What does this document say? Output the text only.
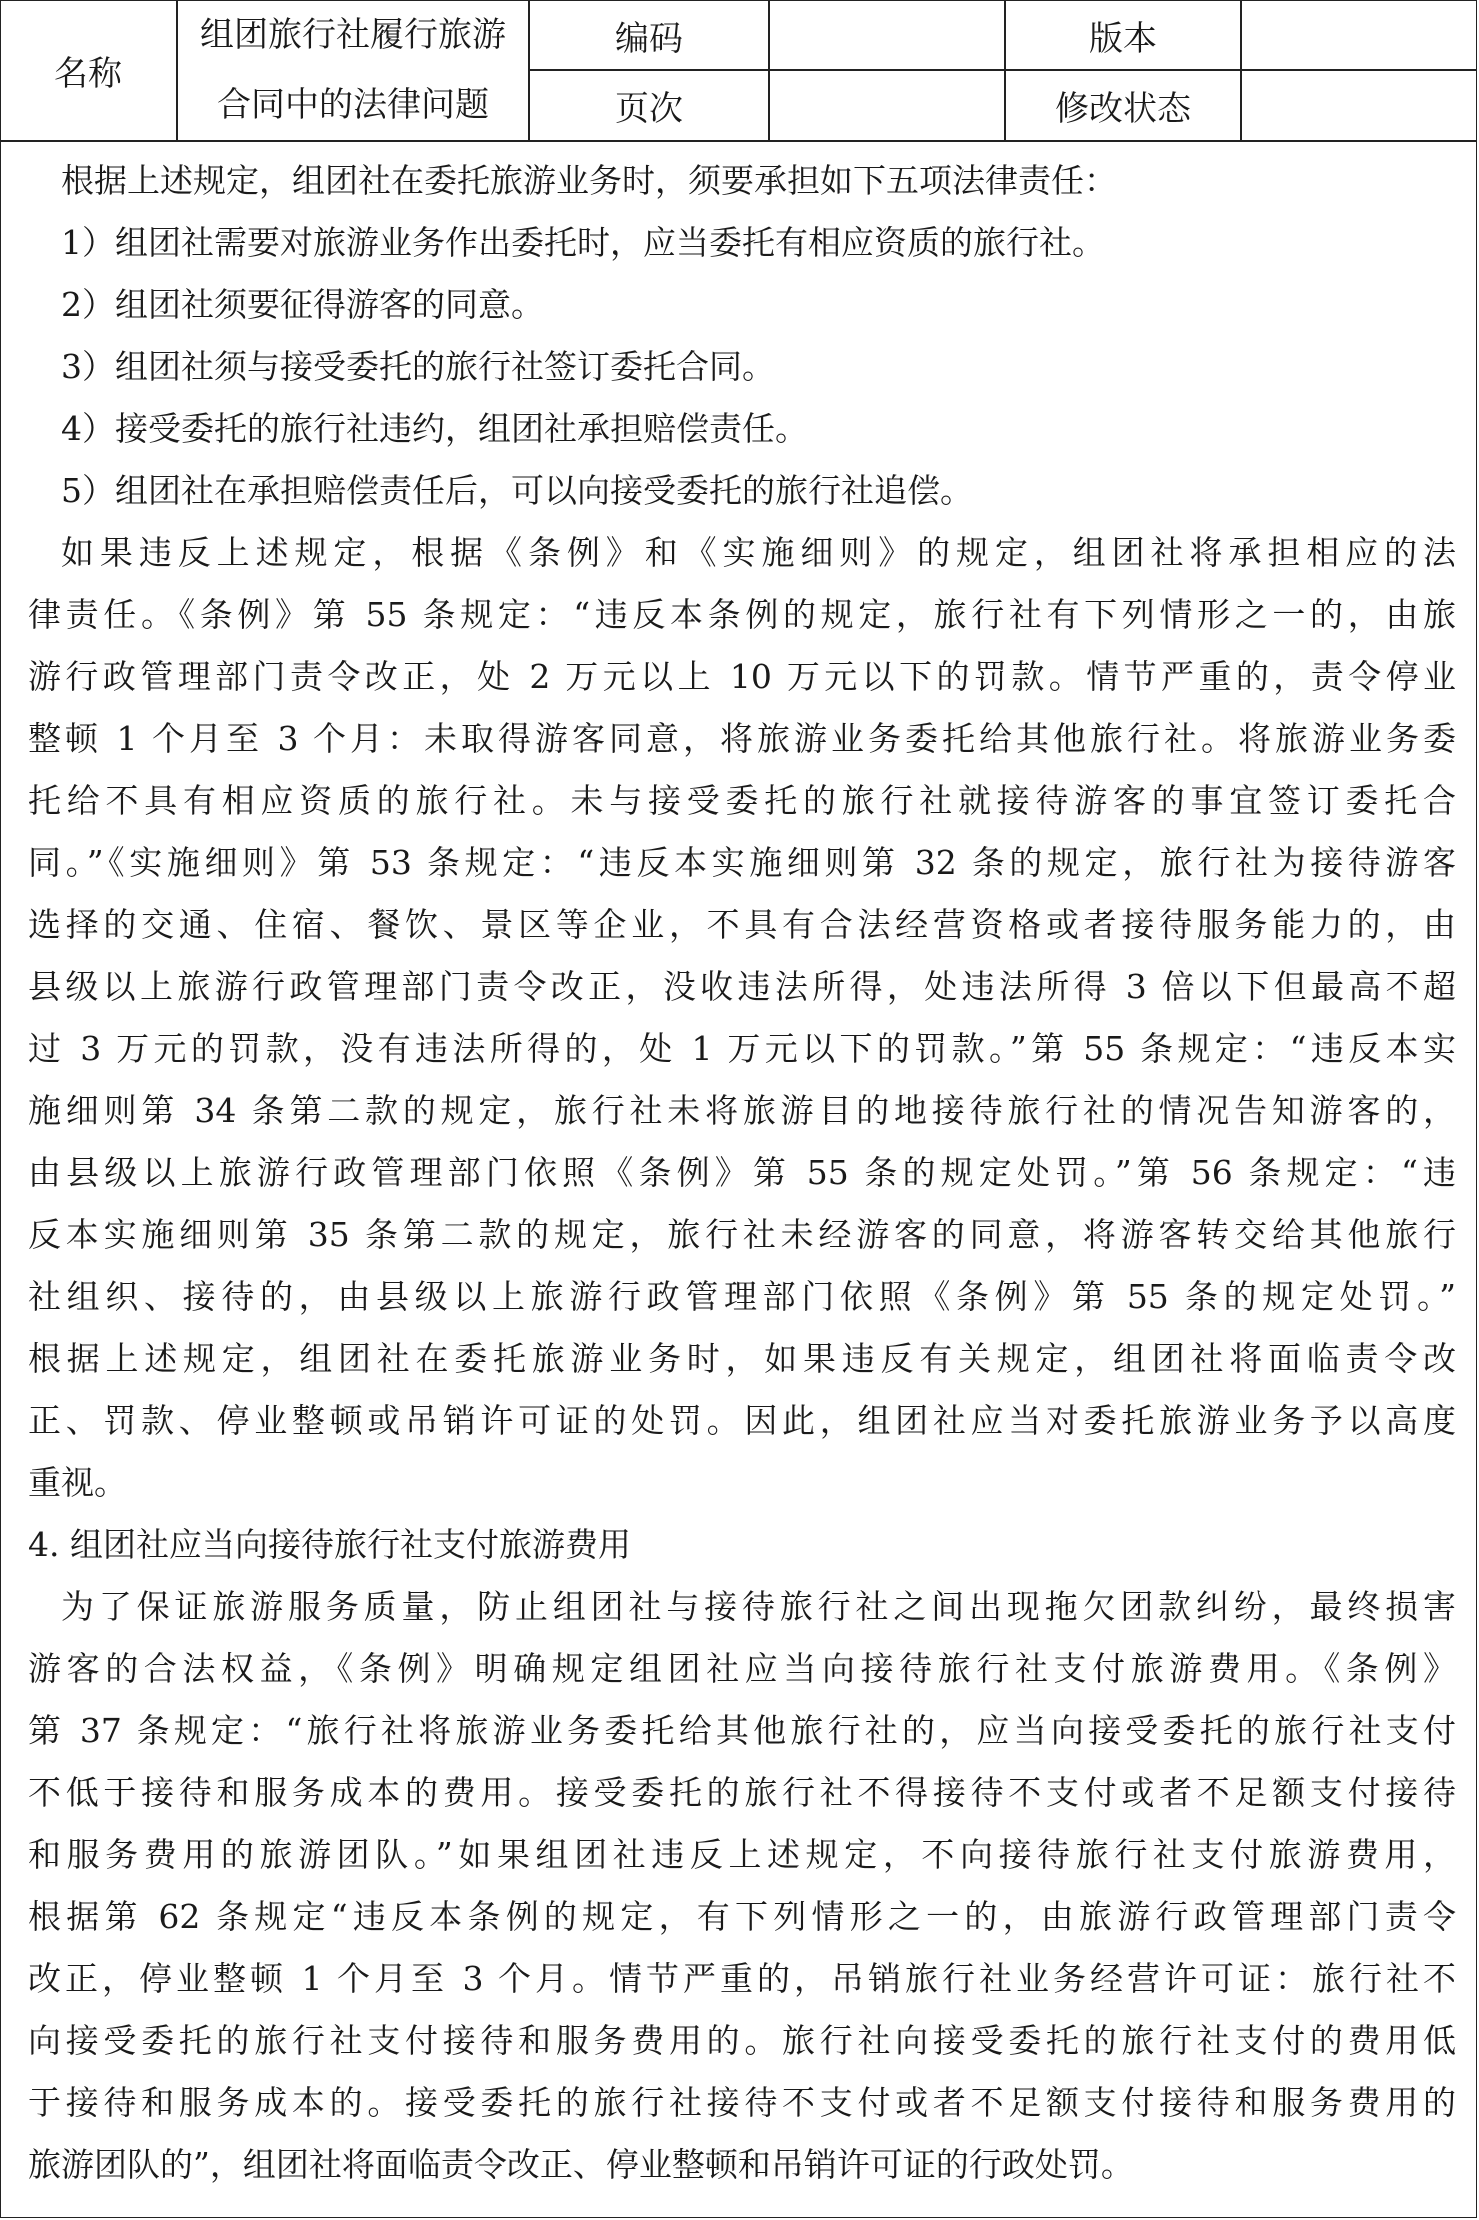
名称
组团旅行社履行旅游
合同中的法律问题
编码	版本
页次	修改状态
根据上述规定，组团社在委托旅游业务时，须要承担如下五项法律责任：
1）组团社需要对旅游业务作出委托时，应当委托有相应资质的旅行社。
2）组团社须要征得游客的同意。
3）组团社须与接受委托的旅行社签订委托合同。
4）接受委托的旅行社违约，组团社承担赔偿责任。
5）组团社在承担赔偿责任后，可以向接受委托的旅行社追偿。
如果违反上述规定，根据《条例》和《实施细则》的规定，组团社将承担相应的法
律责任。《条例》第 55 条规定：“违反本条例的规定，旅行社有下列情形之一的，由旅
游行政管理部门责令改正，处 2 万元以上 10 万元以下的罚款。情节严重的，责令停业
整顿 1 个月至 3 个月：未取得游客同意，将旅游业务委托给其他旅行社。将旅游业务委
托给不具有相应资质的旅行社。未与接受委托的旅行社就接待游客的事宜签订委托合
同。”《实施细则》第 53 条规定：“违反本实施细则第 32 条的规定，旅行社为接待游客
选择的交通、住宿、餐饮、景区等企业，不具有合法经营资格或者接待服务能力的，由
县级以上旅游行政管理部门责令改正，没收违法所得，处违法所得 3 倍以下但最高不超
过 3 万元的罚款，没有违法所得的，处 1 万元以下的罚款。”第 55 条规定：“违反本实
施细则第 34 条第二款的规定，旅行社未将旅游目的地接待旅行社的情况告知游客的，
由县级以上旅游行政管理部门依照《条例》第 55 条的规定处罚。”第 56 条规定：“违
反本实施细则第 35 条第二款的规定，旅行社未经游客的同意，将游客转交给其他旅行
社组织、接待的，由县级以上旅游行政管理部门依照《条例》第 55 条的规定处罚。”
根据上述规定，组团社在委托旅游业务时，如果违反有关规定，组团社将面临责令改
正、罚款、停业整顿或吊销许可证的处罚。因此，组团社应当对委托旅游业务予以高度
重视。
4. 组团社应当向接待旅行社支付旅游费用
为了保证旅游服务质量，防止组团社与接待旅行社之间出现拖欠团款纠纷，最终损害
游客的合法权益，《条例》明确规定组团社应当向接待旅行社支付旅游费用。《条例》
第 37 条规定：“旅行社将旅游业务委托给其他旅行社的，应当向接受委托的旅行社支付
不低于接待和服务成本的费用。接受委托的旅行社不得接待不支付或者不足额支付接待
和服务费用的旅游团队。”如果组团社违反上述规定，不向接待旅行社支付旅游费用，
根据第 62 条规定“违反本条例的规定，有下列情形之一的，由旅游行政管理部门责令
改正，停业整顿 1 个月至 3 个月。情节严重的，吊销旅行社业务经营许可证：旅行社不
向接受委托的旅行社支付接待和服务费用的。旅行社向接受委托的旅行社支付的费用低
于接待和服务成本的。接受委托的旅行社接待不支付或者不足额支付接待和服务费用的
旅游团队的”，组团社将面临责令改正、停业整顿和吊销许可证的行政处罚。
